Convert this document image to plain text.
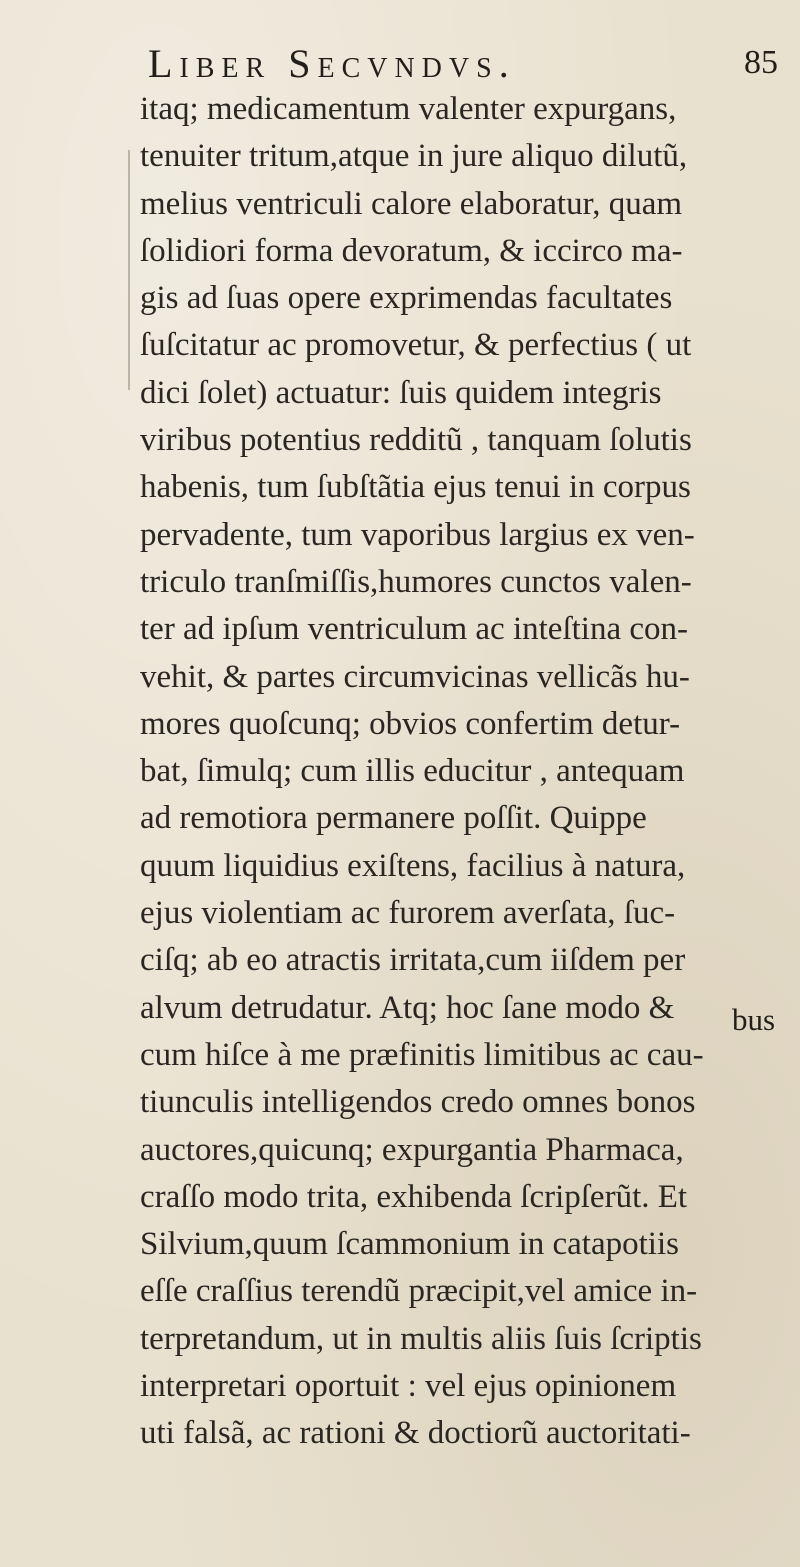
Liber Secvndvs.	85
itaq; medicamentum valenter expurgans,
tenuiter tritum,atque in jure aliquo dilutũ,
melius ventriculi calore elaboratur, quam
ſolidiori forma devoratum, & iccirco ma-
gis ad ſuas opere exprimendas facultates
ſuſcitatur ac promovetur, & perfectius ( ut
dici ſolet) actuatur: ſuis quidem integris
viribus potentius redditũ , tanquam ſolutis
habenis, tum ſubſtãtia ejus tenui in corpus
pervadente, tum vaporibus largius ex ven-
triculo tranſmiſſis,humores cunctos valen-
ter ad ipſum ventriculum ac inteſtina con-
vehit, & partes circumvicinas vellicãs hu-
mores quoſcunq; obvios confertim detur-
bat, ſimulq; cum illis educitur , antequam
ad remotiora permanere poſſit. Quippe
quum liquidius exiſtens, facilius à natura,
ejus violentiam ac furorem averſata, ſuc-
ciſq; ab eo atractis irritata,cum iiſdem per
alvum detrudatur. Atq; hoc ſane modo &
cum hiſce à me præfinitis limitibus ac cau-
tiunculis intelligendos credo omnes bonos
auctores,quicunq; expurgantia Pharmaca,
craſſo modo trita, exhibenda ſcripſerũt. Et
Silvium,quum ſcammonium in catapotiis
eſſe craſſius terendũ præcipit,vel amice in-
terpretandum, ut in multis aliis ſuis ſcriptis
interpretari oportuit : vel ejus opinionem
uti falsã, ac rationi & doctiorũ auctoritati-
bus
